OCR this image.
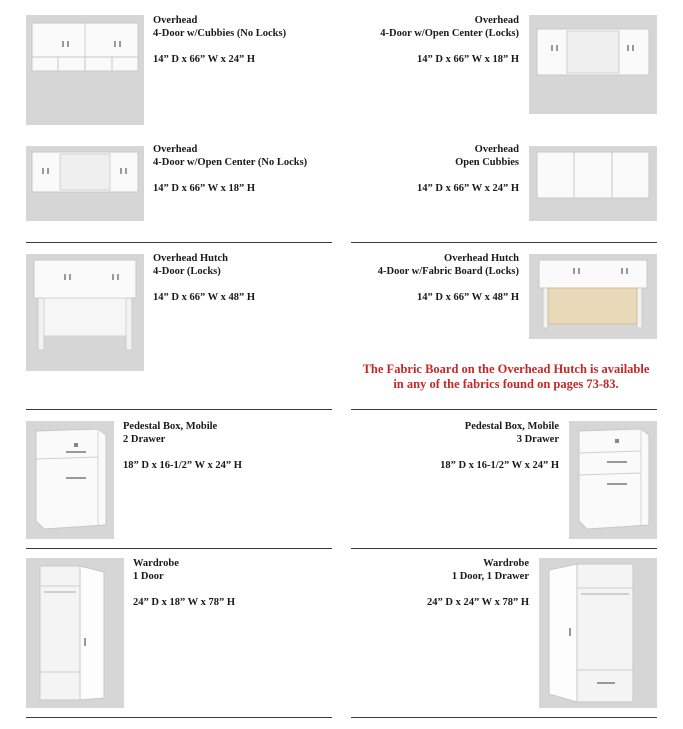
Overhead
4-Door w/Cubbies (No Locks)
14” D x 66” W x 24” H
Overhead
4-Door w/Open Center (Locks)
14” D x 66” W x 18” H
Overhead
4-Door w/Open Center (No Locks)
14” D x 66” W x 18” H
Overhead
Open Cubbies
14” D x 66” W x 24” H
Overhead Hutch
4-Door (Locks)
14” D x 66” W x 48” H
Overhead Hutch
4-Door w/Fabric Board (Locks)
14” D x 66” W x 48” H
The Fabric Board on the Overhead Hutch is available
in any of the fabrics found on pages 73-83.
Pedestal Box, Mobile
2 Drawer
18” D x 16-1/2” W x 24” H
Pedestal Box, Mobile
3 Drawer
18” D x 16-1/2” W x 24” H
Wardrobe
1 Door
24” D x 18” W x 78” H
Wardrobe
1 Door, 1 Drawer
24” D x 24” W x 78” H
